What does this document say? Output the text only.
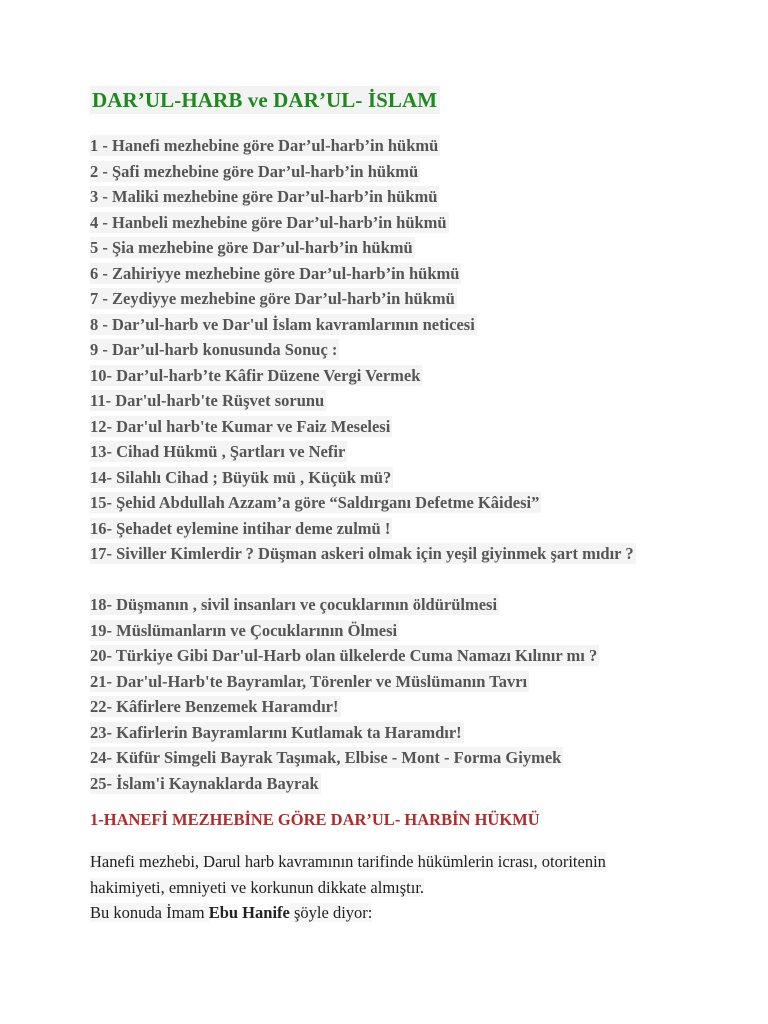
DAR’UL-HARB ve DAR’UL- İSLAM
1 - Hanefi mezhebine göre Dar’ul-harb’in hükmü
2 - Şafi mezhebine göre Dar’ul-harb’in hükmü
3 - Maliki mezhebine göre Dar’ul-harb’in hükmü
4 - Hanbeli mezhebine göre Dar’ul-harb’in hükmü
5 - Şia mezhebine göre Dar’ul-harb’in hükmü
6 - Zahiriyye mezhebine göre Dar’ul-harb’in hükmü
7 - Zeydiyye mezhebine göre Dar’ul-harb’in hükmü
8 - Dar’ul-harb ve Dar'ul İslam kavramlarının neticesi
9 - Dar’ul-harb konusunda Sonuç :
10- Dar’ul-harb’te Kâfir Düzene Vergi Vermek
11- Dar'ul-harb'te Rüşvet sorunu
12- Dar'ul harb'te Kumar ve Faiz Meselesi
13- Cihad Hükmü , Şartları ve Nefir
14- Silahlı Cihad ; Büyük mü , Küçük mü?
15- Şehid Abdullah Azzam’a göre “Saldırganı Defetme Kâidesi”
16- Şehadet eylemine intihar deme zulmü !
17- Siviller Kimlerdir ? Düşman askeri olmak için yeşil giyinmek şart mıdır ?
18- Düşmanın , sivil insanları ve çocuklarının öldürülmesi
19- Müslümanların ve Çocuklarının Ölmesi
20- Türkiye Gibi Dar'ul-Harb olan ülkelerde Cuma Namazı Kılınır mı ?
21- Dar'ul-Harb'te Bayramlar, Törenler ve Müslümanın Tavrı
22- Kâfirlere Benzemek Haramdır!
23- Kafirlerin Bayramlarını Kutlamak ta Haramdır!
24- Küfür Simgeli Bayrak Taşımak, Elbise - Mont - Forma Giymek
25- İslam'i Kaynaklarda Bayrak
1-HANEFİ MEZHEBİNE GÖRE DAR’UL- HARBİN HÜKMÜ

Hanefi mezhebi, Darul harb kavramının tarifinde hükümlerin icrası, otoritenin hakimiyeti, emniyeti ve korkunun dikkate almıştır.

Bu konuda İmam Ebu Hanife şöyle diyor:
